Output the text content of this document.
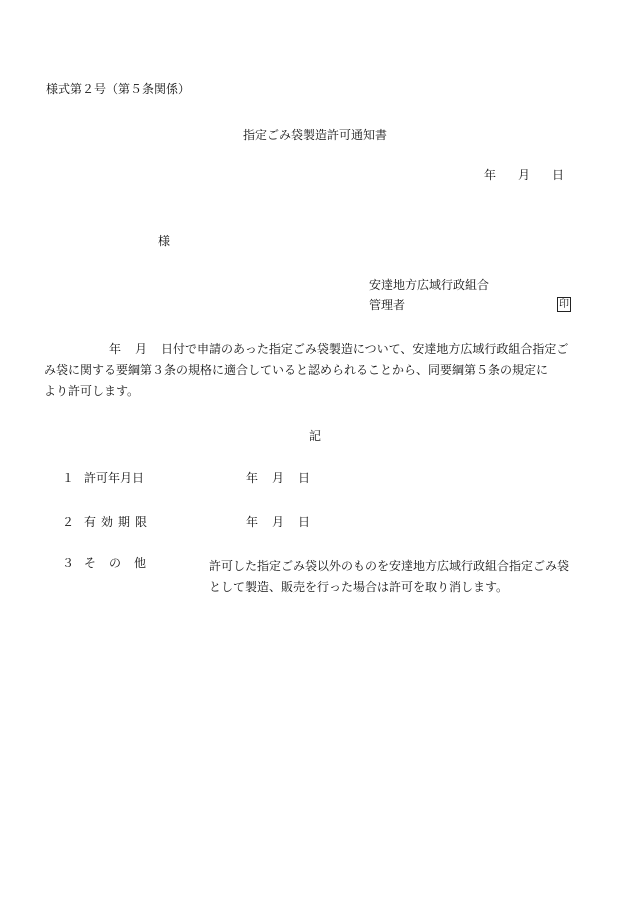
様式第２号（第５条関係）
指定ごみ袋製造許可通知書
年 月 日
様
安達地方広域行政組合
管理者	印
年 月 日付で申請のあった指定ごみ袋製造について、安達地方広域行政組合指定ご
み袋に関する要綱第３条の規格に適合していると認められることから、同要綱第５条の規定に
より許可します。
記
１ 許可年月日	年 月 日
２ 有効期限	年 月 日
３ そ の 他	許可した指定ごみ袋以外のものを安達地方広域行政組合指定ごみ袋
として製造、販売を行った場合は許可を取り消します。
